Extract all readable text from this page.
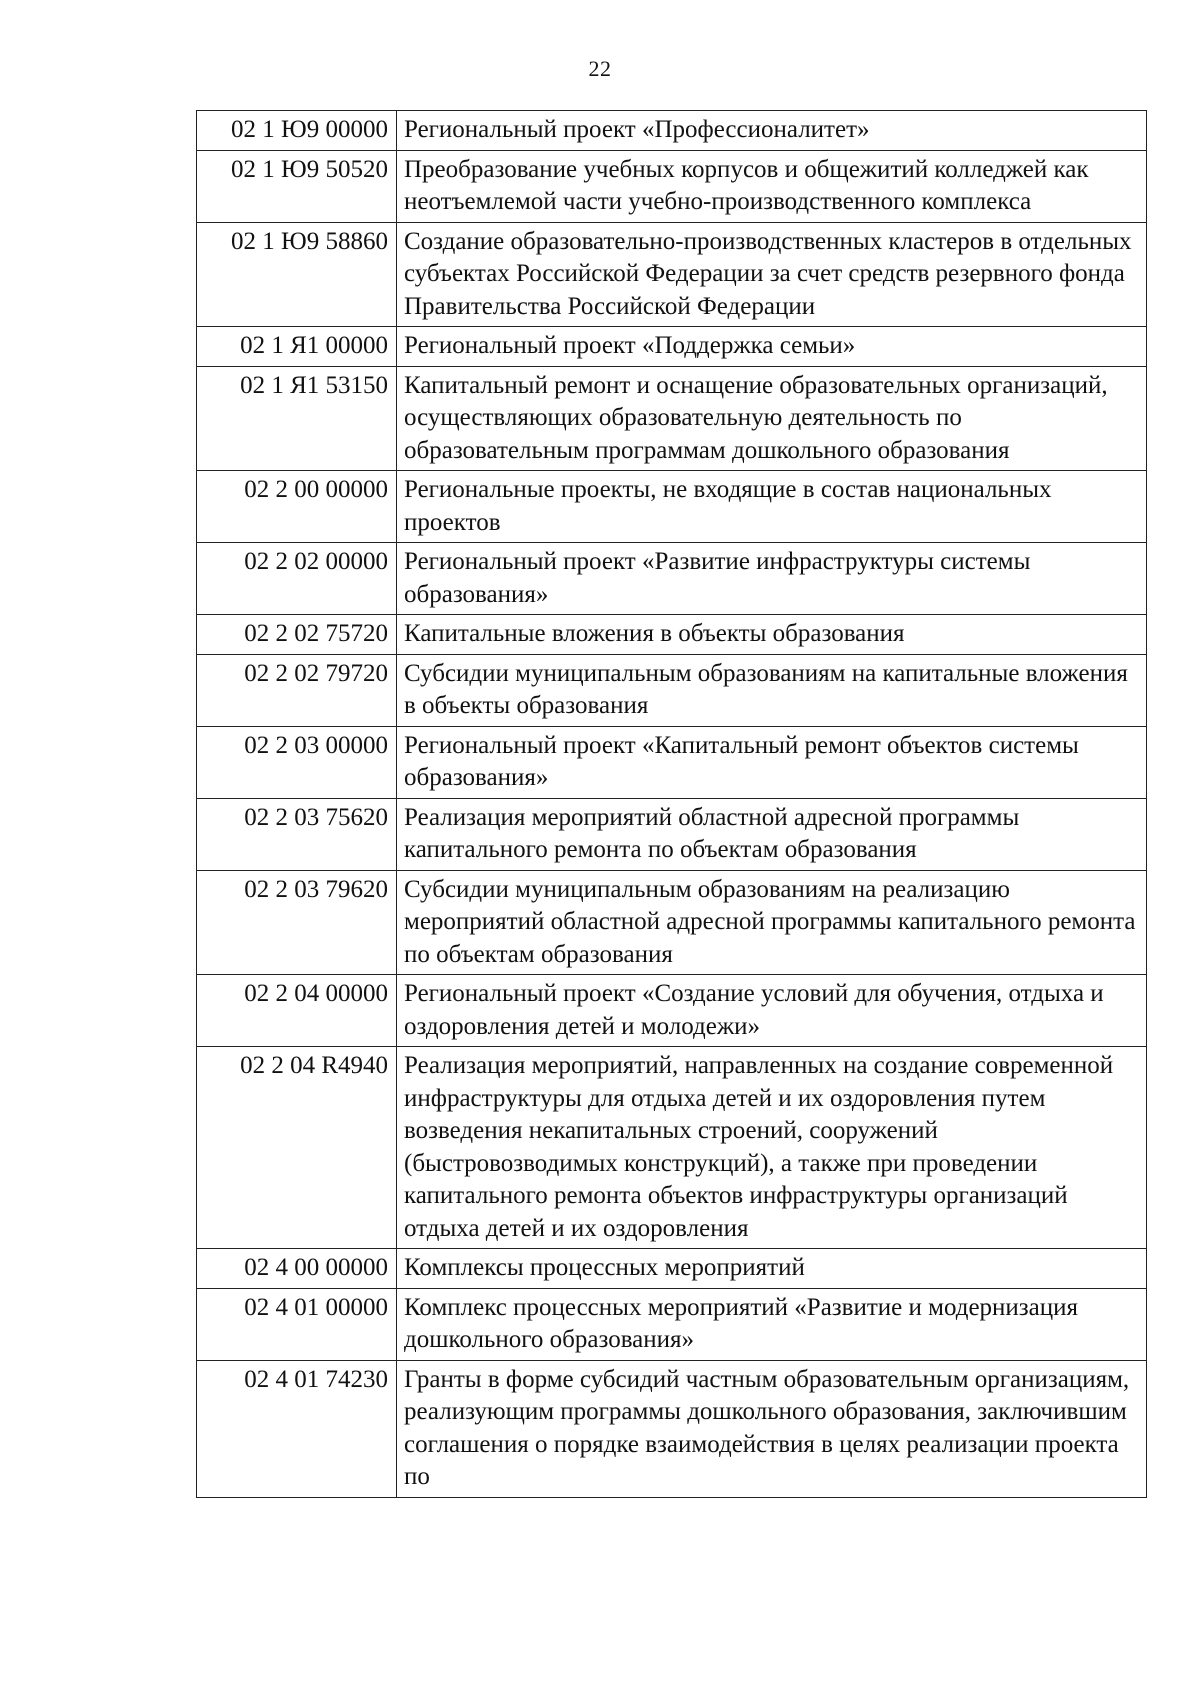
22
02 1 Ю9 00000	Региональный проект «Профессионалитет»
02 1 Ю9 50520	Преобразование учебных корпусов и общежитий колледжей как неотъемлемой части учебно-производственного комплекса
02 1 Ю9 58860	Создание образовательно-производственных кластеров в отдельных субъектах Российской Федерации за счет средств резервного фонда Правительства Российской Федерации
02 1 Я1 00000	Региональный проект «Поддержка семьи»
02 1 Я1 53150	Капитальный ремонт и оснащение образовательных организаций, осуществляющих образовательную деятельность по образовательным программам дошкольного образования
02 2 00 00000	Региональные проекты, не входящие в состав национальных проектов
02 2 02 00000	Региональный проект «Развитие инфраструктуры системы образования»
02 2 02 75720	Капитальные вложения в объекты образования
02 2 02 79720	Субсидии муниципальным образованиям на капитальные вложения в объекты образования
02 2 03 00000	Региональный проект «Капитальный ремонт объектов системы образования»
02 2 03 75620	Реализация мероприятий областной адресной программы капитального ремонта по объектам образования
02 2 03 79620	Субсидии муниципальным образованиям на реализацию мероприятий областной адресной программы капитального ремонта по объектам образования
02 2 04 00000	Региональный проект «Создание условий для обучения, отдыха и оздоровления детей и молодежи»
02 2 04 R4940	Реализация мероприятий, направленных на создание современной инфраструктуры для отдыха детей и их оздоровления путем возведения некапитальных строений, сооружений (быстровозводимых конструкций), а также при проведении капитального ремонта объектов инфраструктуры организаций отдыха детей и их оздоровления
02 4 00 00000	Комплексы процессных мероприятий
02 4 01 00000	Комплекс процессных мероприятий «Развитие и модернизация дошкольного образования»
02 4 01 74230	Гранты в форме субсидий частным образовательным организациям, реализующим программы дошкольного образования, заключившим соглашения о порядке взаимодействия в целях реализации проекта по
